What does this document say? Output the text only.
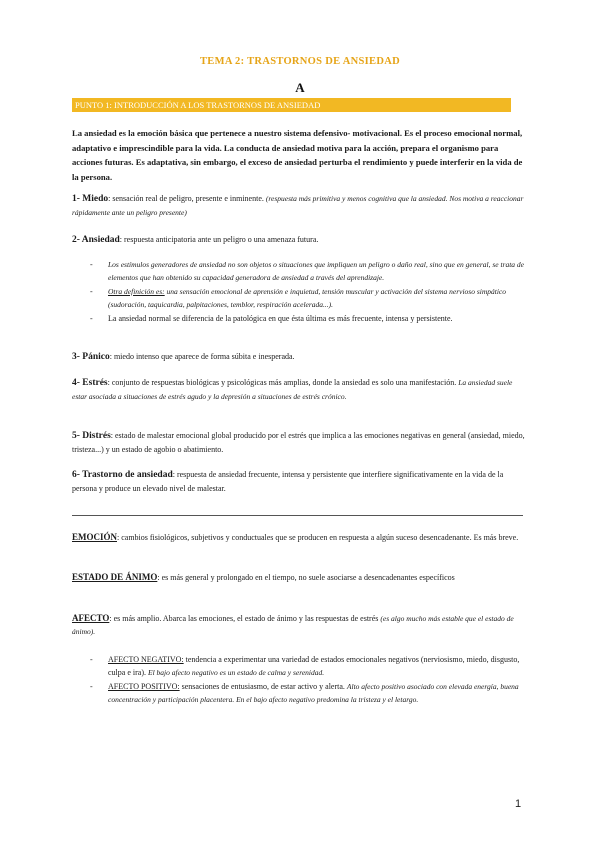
TEMA 2: TRASTORNOS DE ANSIEDAD
A
PUNTO 1: INTRODUCCIÓN A LOS TRASTORNOS DE ANSIEDAD
La ansiedad es la emoción básica que pertenece a nuestro sistema defensivo- motivacional. Es el proceso emocional normal, adaptativo e imprescindible para la vida. La conducta de ansiedad motiva para la acción, prepara el organismo para acciones futuras. Es adaptativa, sin embargo, el exceso de ansiedad perturba el rendimiento y puede interferir en la vida de la persona.
1- Miedo: sensación real de peligro, presente e inminente. (respuesta más primitiva y menos cognitiva que la ansiedad. Nos motiva a reaccionar rápidamente ante un peligro presente)
2- Ansiedad: respuesta anticipatoria ante un peligro o una amenaza futura.
- Los estímulos generadores de ansiedad no son objetos o situaciones que impliquen un peligro o daño real, sino que en general, se trata de elementos que han obtenido su capacidad generadora de ansiedad a través del aprendizaje.
- Otra definición es: una sensación emocional de aprensión e inquietud, tensión muscular y activación del sistema nervioso simpático (sudoración, taquicardia, palpitaciones, temblor, respiración acelerada...).
- La ansiedad normal se diferencia de la patológica en que ésta última es más frecuente, intensa y persistente.
3- Pánico: miedo intenso que aparece de forma súbita e inesperada.
4- Estrés: conjunto de respuestas biológicas y psicológicas más amplias, donde la ansiedad es solo una manifestación. La ansiedad suele estar asociada a situaciones de estrés agudo y la depresión a situaciones de estrés crónico.
5- Distrés: estado de malestar emocional global producido por el estrés que implica a las emociones negativas en general (ansiedad, miedo, tristeza...) y un estado de agobio o abatimiento.
6- Trastorno de ansiedad: respuesta de ansiedad frecuente, intensa y persistente que interfiere significativamente en la vida de la persona y produce un elevado nivel de malestar.
EMOCIÓN: cambios fisiológicos, subjetivos y conductuales que se producen en respuesta a algún suceso desencadenante. Es más breve.
ESTADO DE ÁNIMO: es más general y prolongado en el tiempo, no suele asociarse a desencadenantes específicos
AFECTO: es más amplio. Abarca las emociones, el estado de ánimo y las respuestas de estrés (es algo mucho más estable que el estado de ánimo).
- AFECTO NEGATIVO: tendencia a experimentar una variedad de estados emocionales negativos (nerviosismo, miedo, disgusto, culpa e ira). El bajo afecto negativo es un estado de calma y serenidad.
- AFECTO POSITIVO: sensaciones de entusiasmo, de estar activo y alerta. Alto afecto positivo asociado con elevada energía, buena concentración y participación placentera. En el bajo afecto negativo predomina la tristeza y el letargo.
1
